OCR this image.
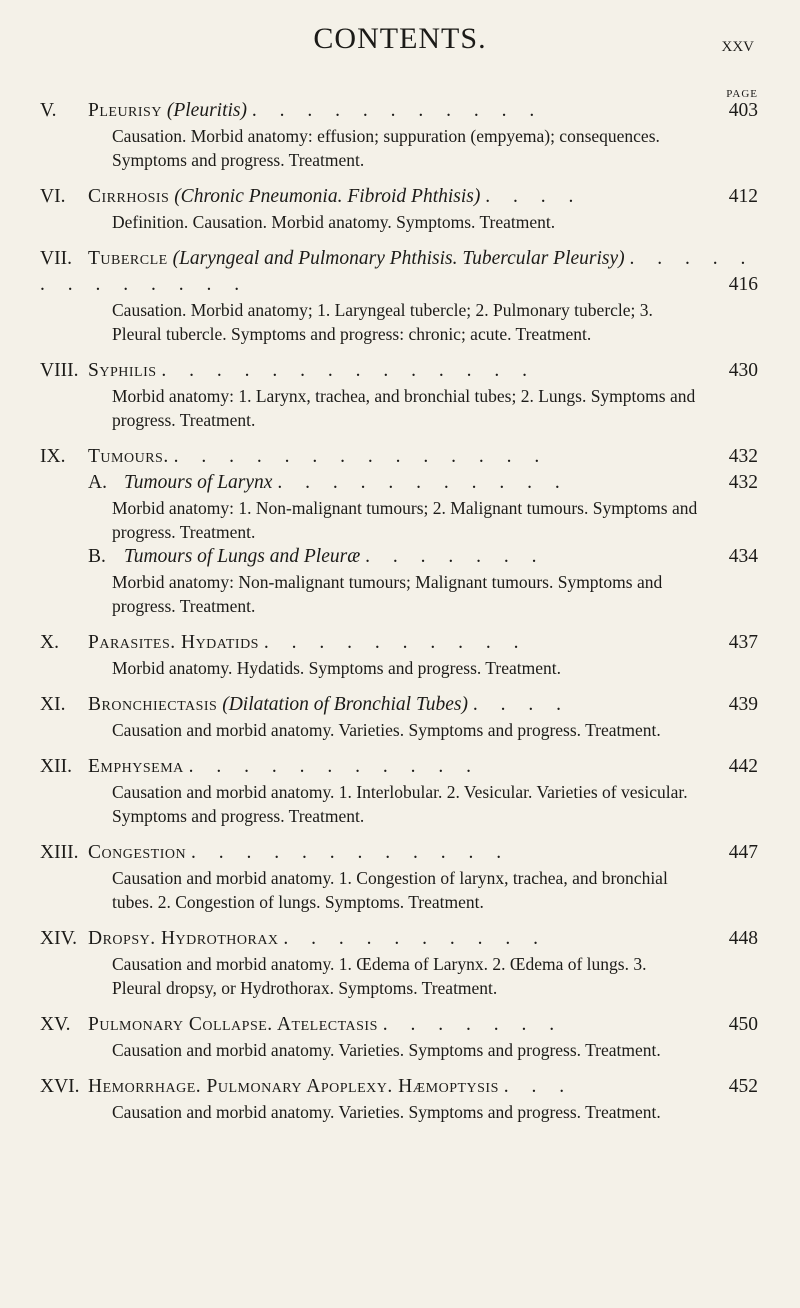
CONTENTS.	xxv
PAGE
V. Pleurisy (Pleuritis) . . . . . . . . . . .	403
Causation. Morbid anatomy: effusion; suppuration (empyema); consequences. Symptoms and progress. Treatment.
VI. Cirrhosis (Chronic Pneumonia. Fibroid Phthisis) . . . .	412
Definition. Causation. Morbid anatomy. Symptoms. Treatment.
VII. Tubercle (Laryngeal and Pulmonary Phthisis. Tubercular Pleurisy) . . . . . . . . . . . . .	416
Causation. Morbid anatomy; 1. Laryngeal tubercle; 2. Pulmonary tubercle; 3. Pleural tubercle. Symptoms and progress: chronic; acute. Treatment.
VIII. Syphilis . . . . . . . . . . . . . .	430
Morbid anatomy: 1. Larynx, trachea, and bronchial tubes; 2. Lungs. Symptoms and progress. Treatment.
IX. Tumours. . . . . . . . . . . . . . .	432
A. Tumours of Larynx . . . . . . . . . . .	432
Morbid anatomy: 1. Non-malignant tumours; 2. Malignant tumours. Symptoms and progress. Treatment.
B. Tumours of Lungs and Pleuræ . . . . . . .	434
Morbid anatomy: Non-malignant tumours; Malignant tumours. Symptoms and progress. Treatment.
X. Parasites. Hydatids . . . . . . . . . .	437
Morbid anatomy. Hydatids. Symptoms and progress. Treatment.
XI. Bronchiectasis (Dilatation of Bronchial Tubes) . . . .	439
Causation and morbid anatomy. Varieties. Symptoms and progress. Treatment.
XII. Emphysema . . . . . . . . . . .	442
Causation and morbid anatomy. 1. Interlobular. 2. Vesicular. Varieties of vesicular. Symptoms and progress. Treatment.
XIII. Congestion . . . . . . . . . . . .	447
Causation and morbid anatomy. 1. Congestion of larynx, trachea, and bronchial tubes. 2. Congestion of lungs. Symptoms. Treatment.
XIV. Dropsy. Hydrothorax . . . . . . . . . .	448
Causation and morbid anatomy. 1. Œdema of Larynx. 2. Œdema of lungs. 3. Pleural dropsy, or Hydrothorax. Symptoms. Treatment.
XV. Pulmonary Collapse. Atelectasis . . . . . . .	450
Causation and morbid anatomy. Varieties. Symptoms and progress. Treatment.
XVI. Hemorrhage. Pulmonary Apoplexy. Hæmoptysis . . .	452
Causation and morbid anatomy. Varieties. Symptoms and progress. Treatment.
